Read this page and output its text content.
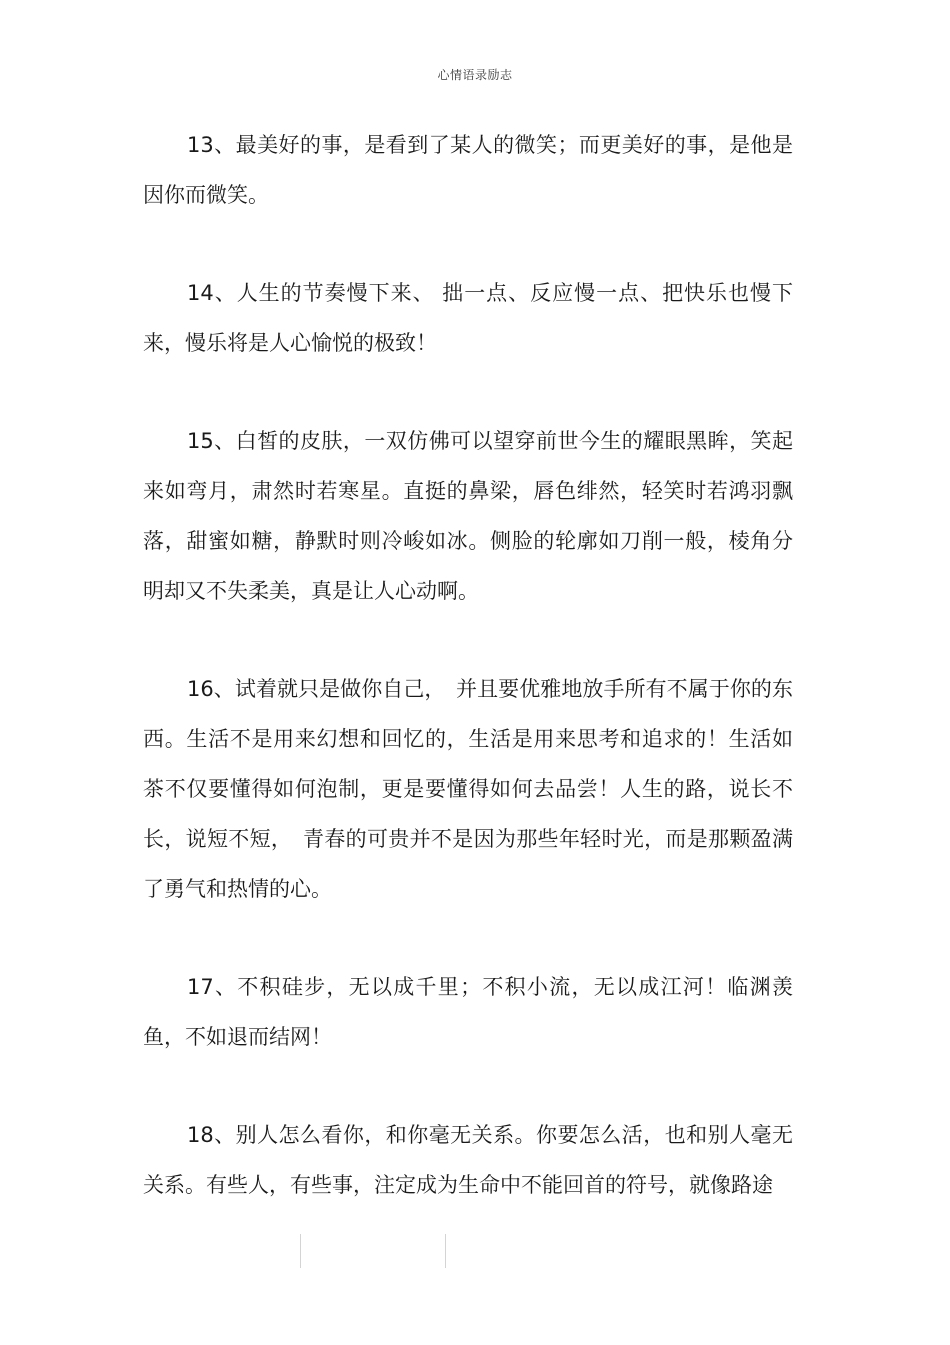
心情语录励志

13、最美好的事，是看到了某人的微笑；而更美好的事，是他是因你而微笑。

14、人生的节奏慢下来、 拙一点、反应慢一点、把快乐也慢下来，慢乐将是人心愉悦的极致！

15、白皙的皮肤，一双仿佛可以望穿前世今生的耀眼黑眸，笑起来如弯月，肃然时若寒星。直挺的鼻梁，唇色绯然，轻笑时若鸿羽飘落，甜蜜如糖，静默时则冷峻如冰。侧脸的轮廓如刀削一般，棱角分明却又不失柔美，真是让人心动啊。

16、试着就只是做你自己，　并且要优雅地放手所有不属于你的东西。生活不是用来幻想和回忆的，生活是用来思考和追求的！生活如茶不仅要懂得如何泡制，更是要懂得如何去品尝！人生的路，说长不长，说短不短，　青春的可贵并不是因为那些年轻时光，而是那颗盈满了勇气和热情的心。

17、不积硅步，无以成千里；不积小流，无以成江河！临渊羡鱼，不如退而结网！

18、别人怎么看你，和你毫无关系。你要怎么活，也和别人毫无关系。有些人，有些事，注定成为生命中不能回首的符号，就像路途
